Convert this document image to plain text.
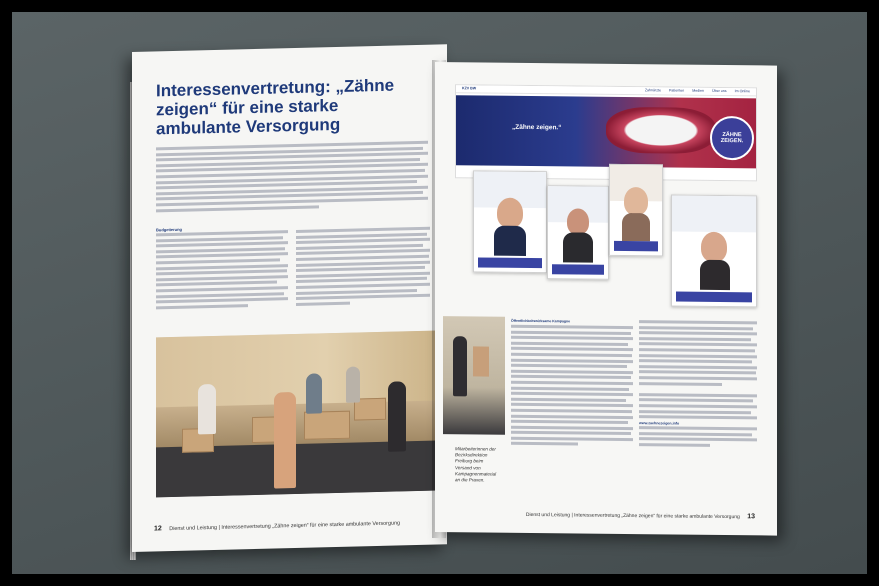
Interessenvertretung: „Zähne zeigen“ für eine starke ambulante Versorgung
Budgetierung
12 Dienst und Leistung | Interessenvertretung „Zähne zeigen“ für eine starke ambulante Versorgung
KZV BW	Zahnärzte Patienten Medien Über uns Im Online
„Zähne zeigen.“
ZÄHNE ZEIGEN.
Öffentlichkeitswirksame Kampagne
www.zaehnezeigen.info
Mitarbeiterinnen der Bezirksdirektion Freiburg beim Versand von Kampagnenmaterial an die Praxen.
Dienst und Leistung | Interessenvertretung „Zähne zeigen“ für eine starke ambulante Versorgung 13
